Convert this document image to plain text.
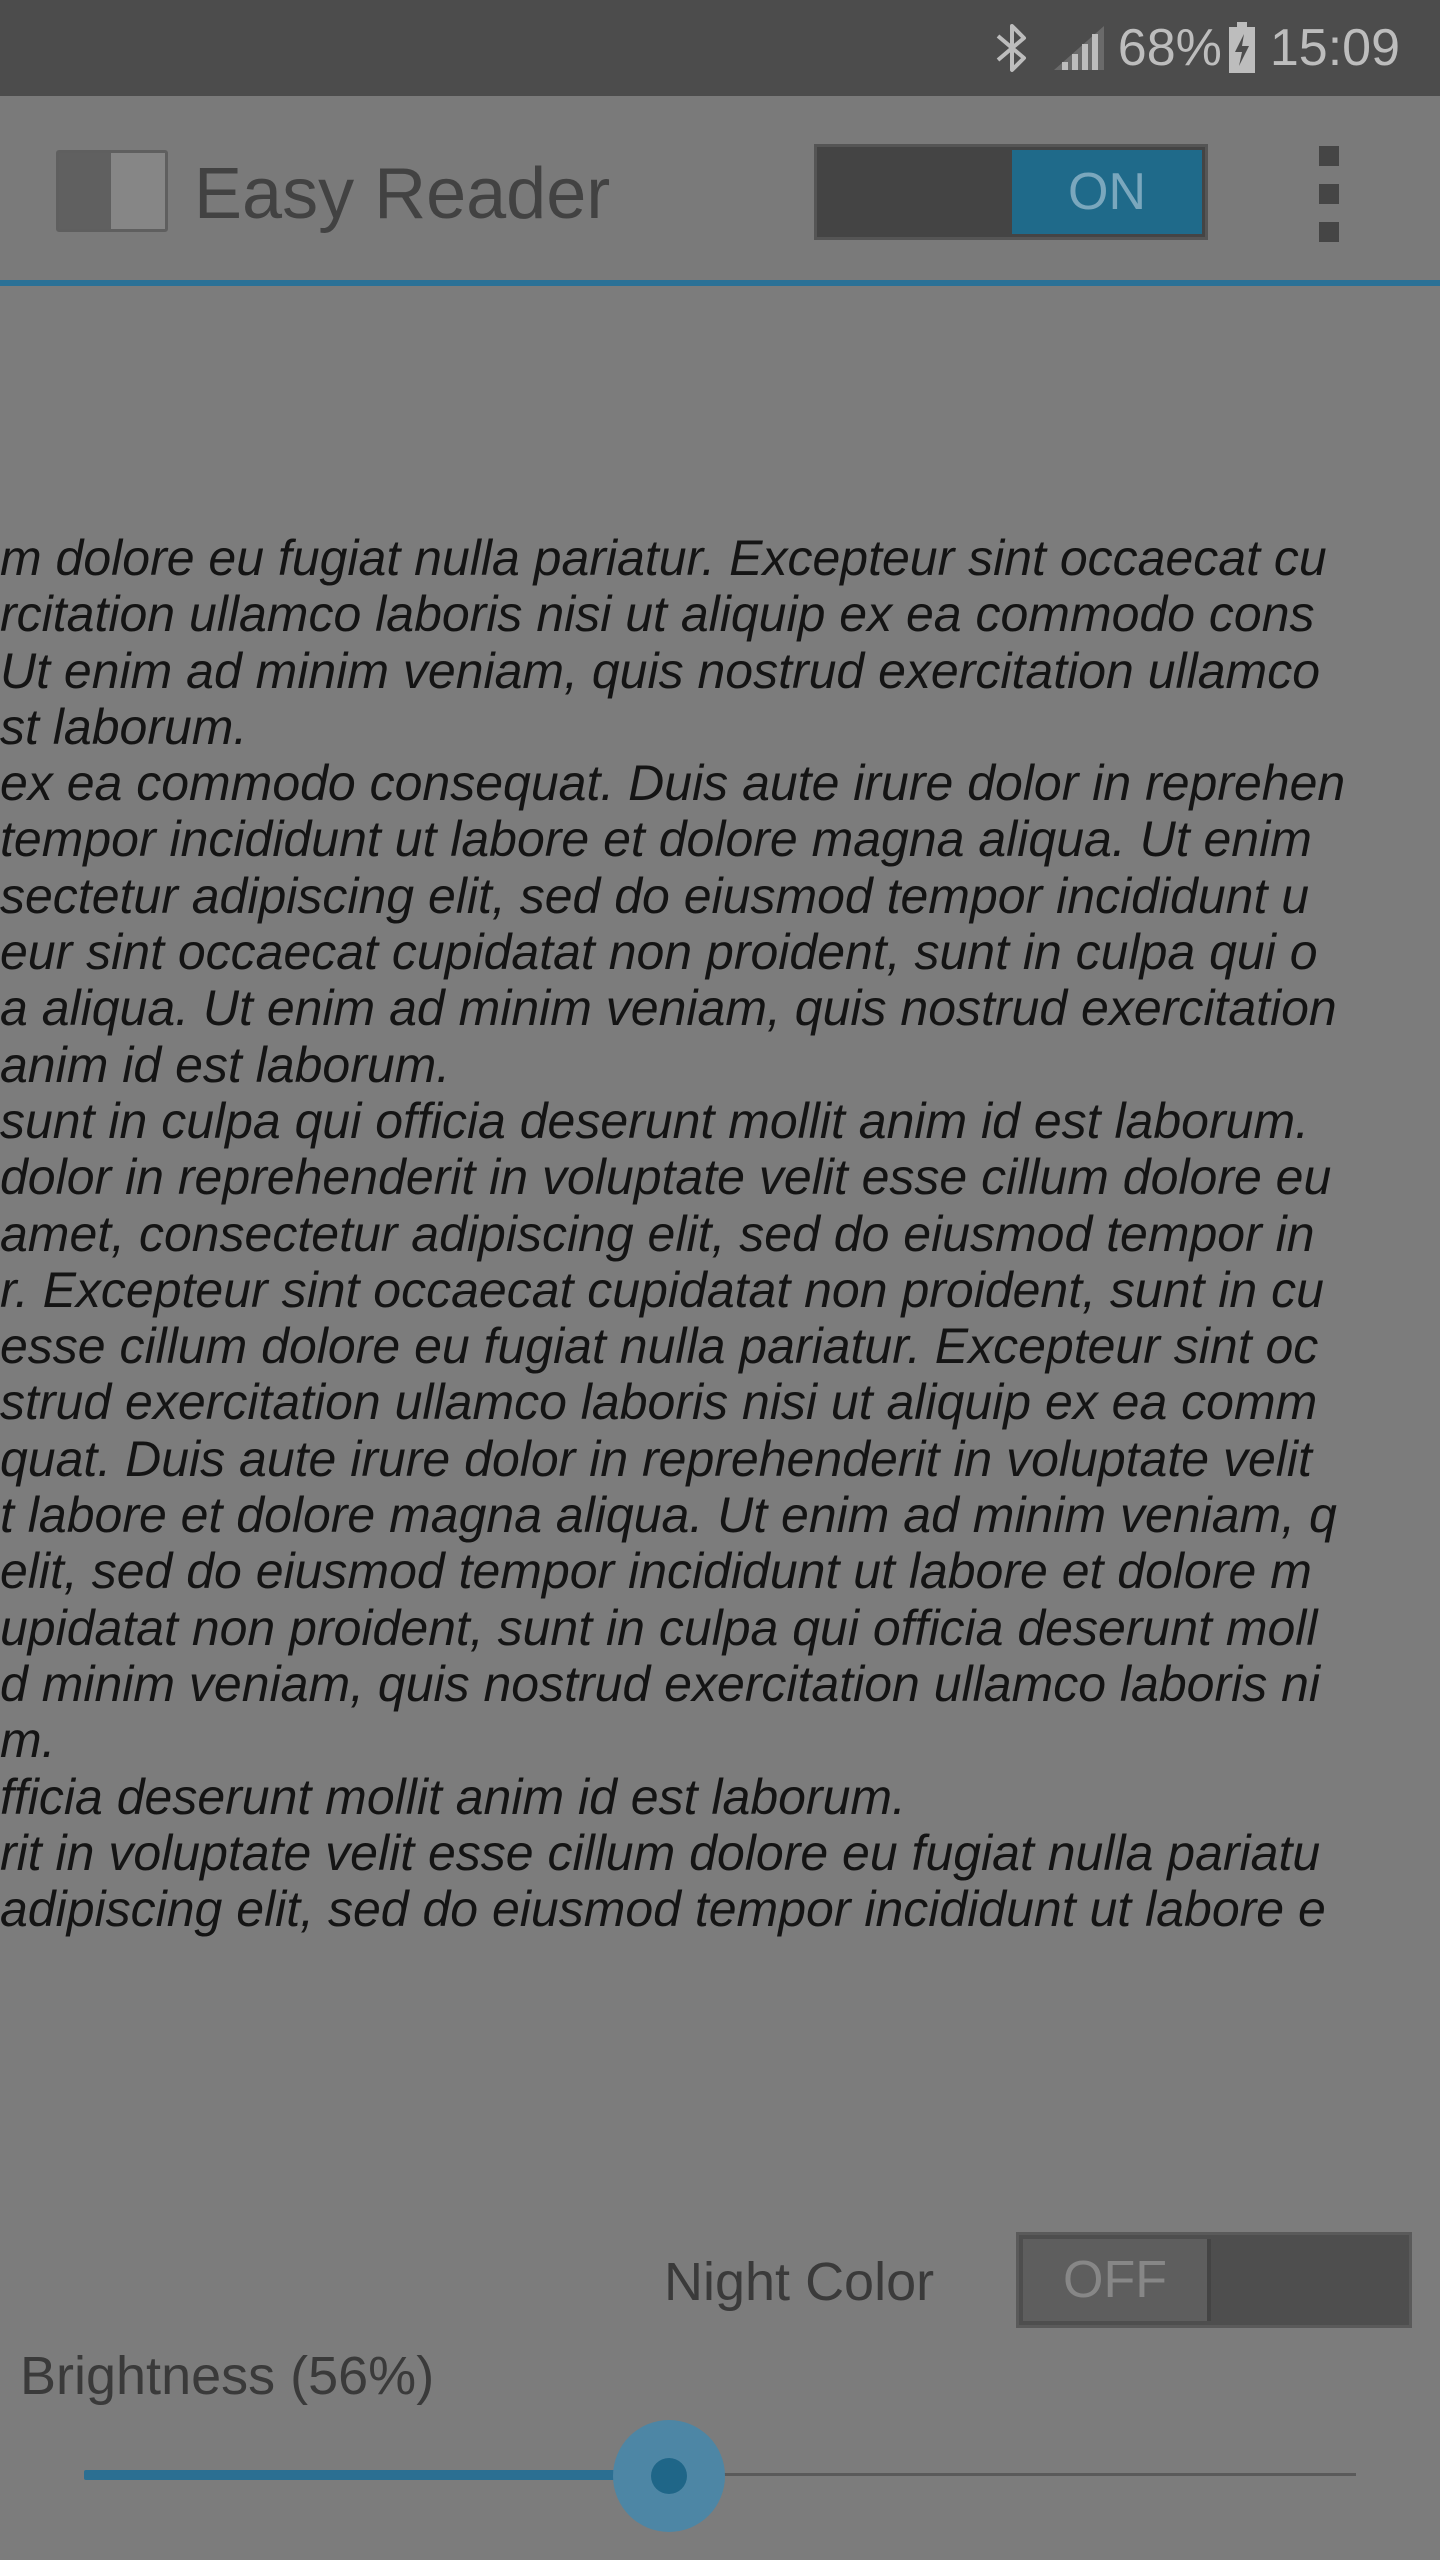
68% 15:09
Easy Reader	ON
m dolore eu fugiat nulla pariatur. Excepteur sint occaecat cu
rcitation ullamco laboris nisi ut aliquip ex ea commodo cons
Ut enim ad minim veniam, quis nostrud exercitation ullamco
st laborum.
ex ea commodo consequat. Duis aute irure dolor in reprehen
tempor incididunt ut labore et dolore magna aliqua. Ut enim
sectetur adipiscing elit, sed do eiusmod tempor incididunt u
eur sint occaecat cupidatat non proident, sunt in culpa qui o
a aliqua. Ut enim ad minim veniam, quis nostrud exercitation
anim id est laborum.
sunt in culpa qui officia deserunt mollit anim id est laborum.
dolor in reprehenderit in voluptate velit esse cillum dolore eu
amet, consectetur adipiscing elit, sed do eiusmod tempor in
r. Excepteur sint occaecat cupidatat non proident, sunt in cu
esse cillum dolore eu fugiat nulla pariatur. Excepteur sint oc
strud exercitation ullamco laboris nisi ut aliquip ex ea comm
quat. Duis aute irure dolor in reprehenderit in voluptate velit
t labore et dolore magna aliqua. Ut enim ad minim veniam, q
elit, sed do eiusmod tempor incididunt ut labore et dolore m
upidatat non proident, sunt in culpa qui officia deserunt moll
d minim veniam, quis nostrud exercitation ullamco laboris ni
m.
fficia deserunt mollit anim id est laborum.
rit in voluptate velit esse cillum dolore eu fugiat nulla pariatu
adipiscing elit, sed do eiusmod tempor incididunt ut labore e
Night Color	OFF
Brightness (56%)
